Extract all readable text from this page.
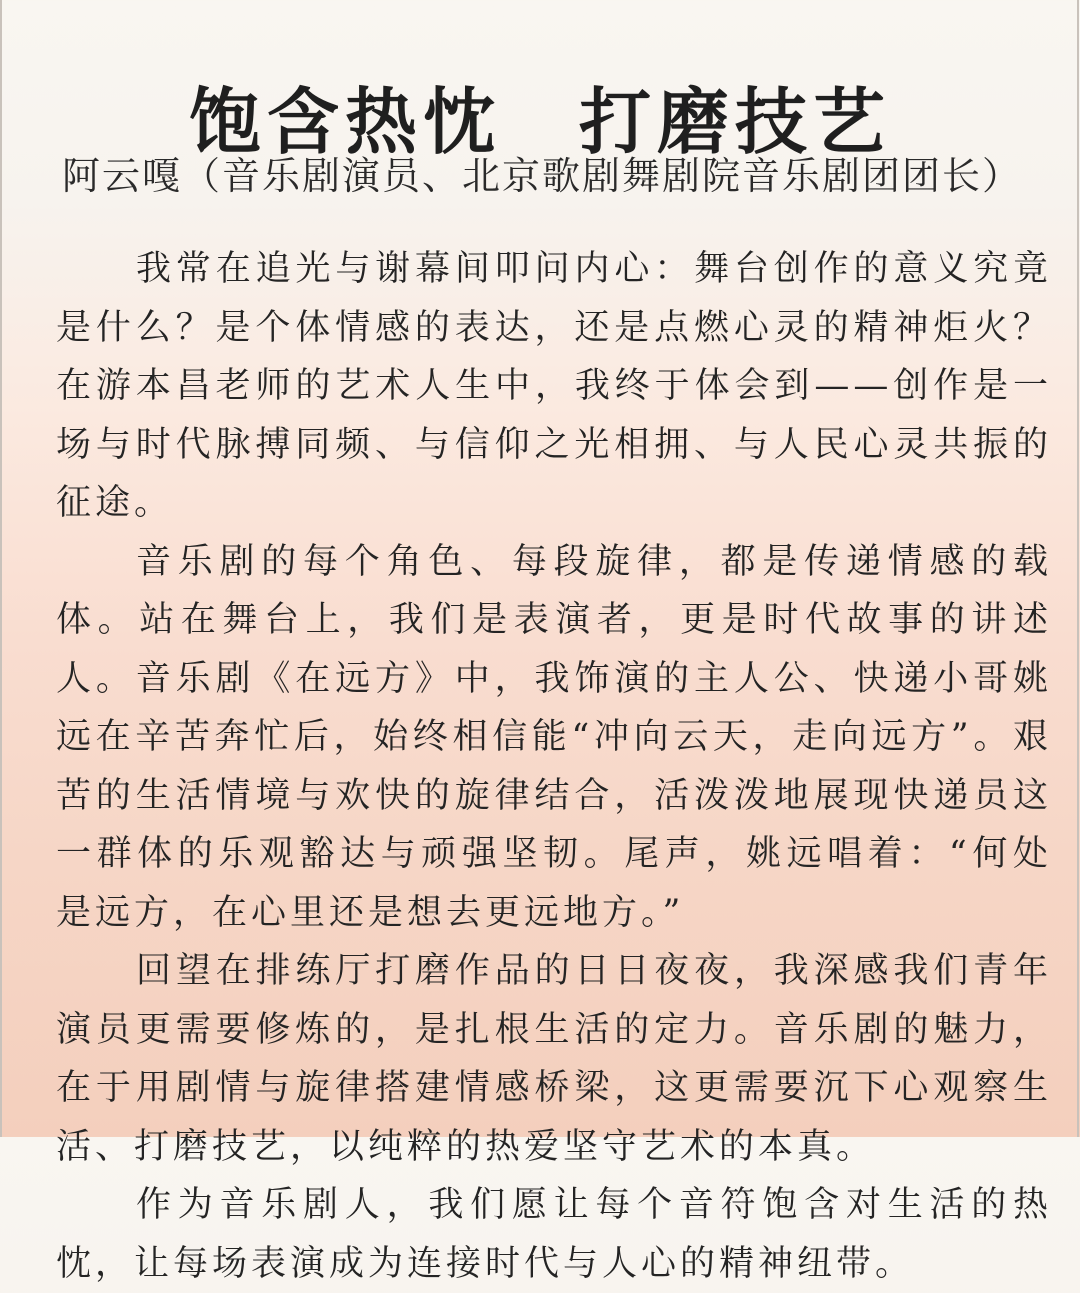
饱含热忱　打磨技艺
阿云嘎（音乐剧演员、北京歌剧舞剧院音乐剧团团长）

我常在追光与谢幕间叩问内心：舞台创作的意义究竟是什么？是个体情感的表达，还是点燃心灵的精神炬火？在游本昌老师的艺术人生中，我终于体会到——创作是一场与时代脉搏同频、与信仰之光相拥、与人民心灵共振的征途。

音乐剧的每个角色、每段旋律，都是传递情感的载体。站在舞台上，我们是表演者，更是时代故事的讲述人。音乐剧《在远方》中，我饰演的主人公、快递小哥姚远在辛苦奔忙后，始终相信能“冲向云天，走向远方”。艰苦的生活情境与欢快的旋律结合，活泼泼地展现快递员这一群体的乐观豁达与顽强坚韧。尾声，姚远唱着：“何处是远方，在心里还是想去更远地方。”

回望在排练厅打磨作品的日日夜夜，我深感我们青年演员更需要修炼的，是扎根生活的定力。音乐剧的魅力，在于用剧情与旋律搭建情感桥梁，这更需要沉下心观察生活、打磨技艺，以纯粹的热爱坚守艺术的本真。

作为音乐剧人，我们愿让每个音符饱含对生活的热忱，让每场表演成为连接时代与人心的精神纽带。
